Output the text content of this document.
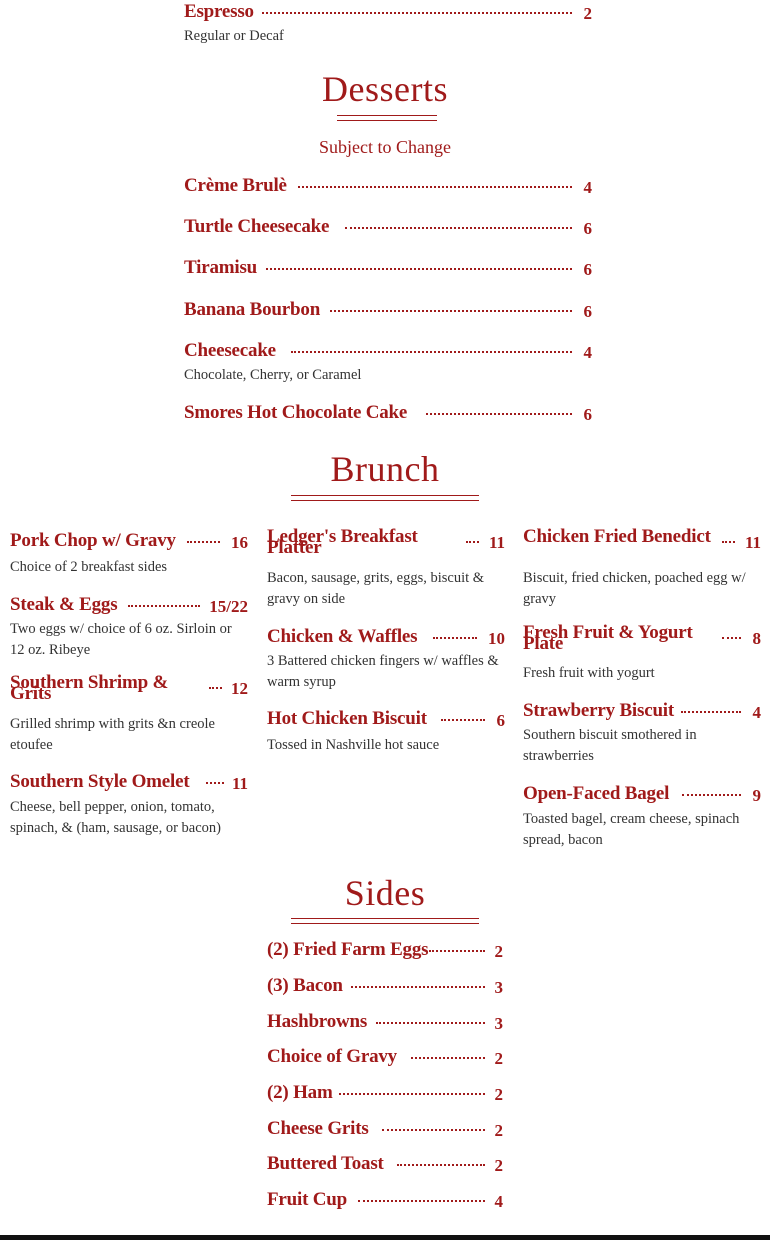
Espresso	2
Regular or Decaf
Desserts
Subject to Change
Crème Brulè	4
Turtle Cheesecake	6
Tiramisu	6
Banana Bourbon	6
Cheesecake	4
Chocolate, Cherry, or Caramel
Smores Hot Chocolate Cake	6
Brunch
Pork Chop w/ Gravy	16
Choice of 2 breakfast sides
Steak & Eggs	15/22
Two eggs w/ choice of 6 oz. Sirloin or 12 oz. Ribeye
Southern Shrimp & Grits	12
Grilled shrimp with grits &n creole etoufee
Southern Style Omelet 11
Cheese, bell pepper, onion, tomato, spinach, & (ham, sausage, or bacon)
Ledger's Breakfast Platter	11
Bacon, sausage, grits, eggs, biscuit & gravy on side
Chicken & Waffles	10
3 Battered chicken fingers w/ waffles & warm syrup
Hot Chicken Biscuit	6
Tossed in Nashville hot sauce
Chicken Fried Benedict 11
Biscuit, fried chicken, poached egg w/ gravy
Fresh Fruit & Yogurt Plate	8
Fresh fruit with yogurt
Strawberry Biscuit	4
Southern biscuit smothered in strawberries
Open-Faced Bagel	9
Toasted bagel, cream cheese, spinach spread, bacon
Sides
(2) Fried Farm Eggs	2
(3) Bacon	3
Hashbrowns	3
Choice of Gravy	2
(2) Ham	2
Cheese Grits	2
Buttered Toast	2
Fruit Cup	4
